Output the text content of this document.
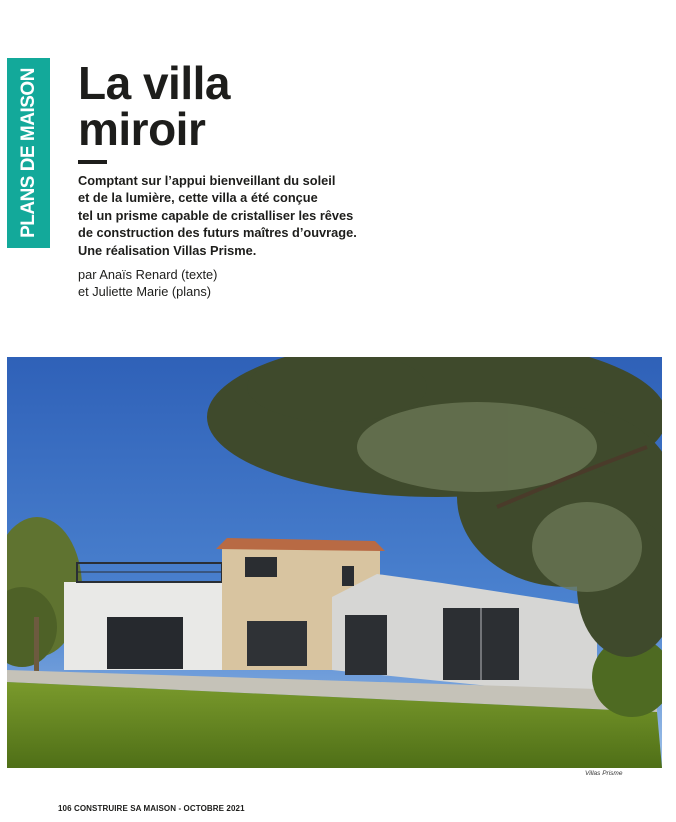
PLANS DE MAISON La villa
miroir

Comptant sur l’appui bienveillant du soleil
et de la lumière, cette villa a été conçue
tel un prisme capable de cristalliser les rêves
de construction des futurs maîtres d’ouvrage.
Une réalisation Villas Prisme.

par Anaïs Renard (texte)
et Juliette Marie (plans)

Villas Prisme
106 CONSTRUIRE SA MAISON - OCTOBRE 2021
